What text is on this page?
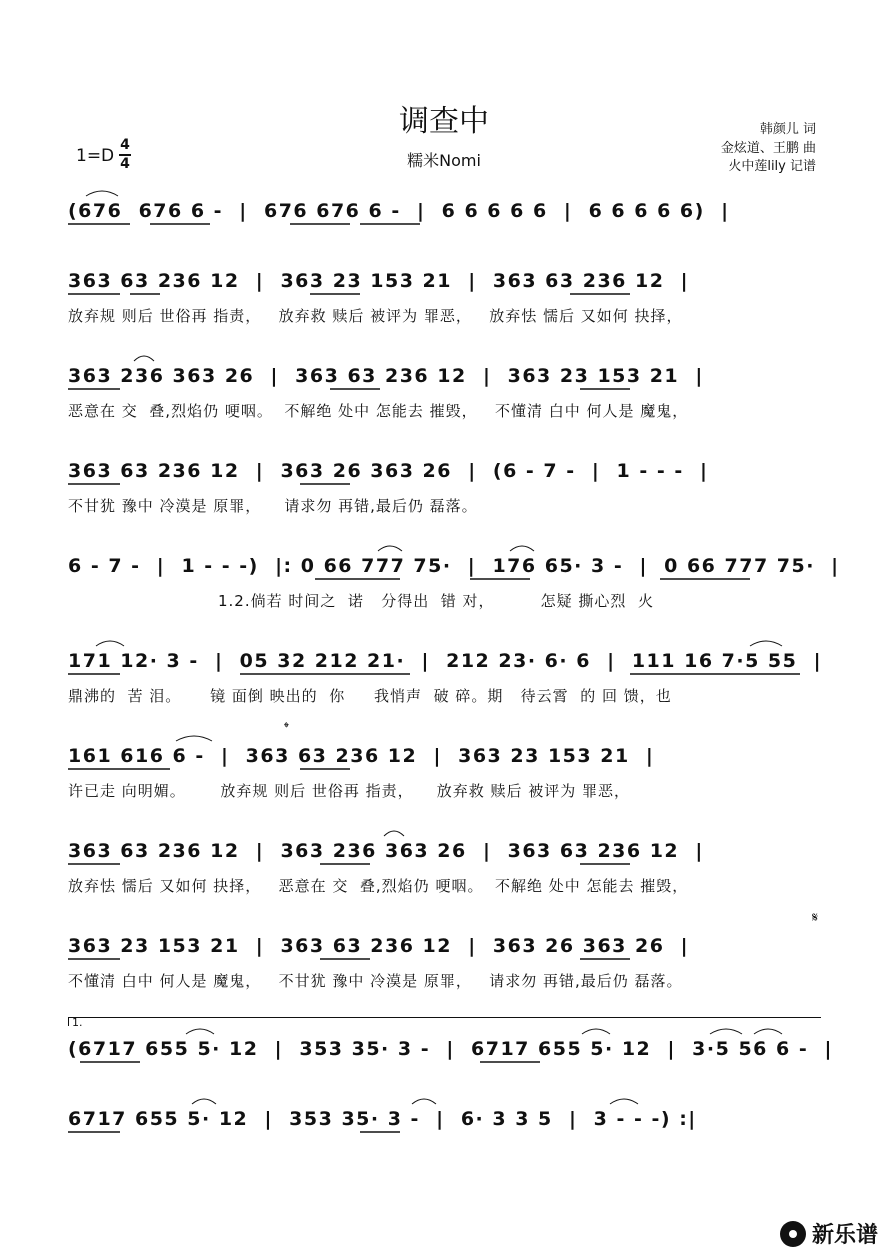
调查中
1=D
4
4	糯米Nomi
韩颜儿 词
金炫道、王鹏 曲
火中莲lily 记谱
(676  676 6 -  |  676 676 6 -  |  6 6 6 6 6  |  6 6 6 6 6)  |
363 63 236 12  |  363 23 153 21  |  363 63 236 12  |
放弃规 则后 世俗再 指责，   放弃救 赎后 被评为 罪恶，   放弃怯 懦后 又如何 抉择，
363 236 363 26  |  363 63 236 12  |  363 23 153 21  |
恶意在 交  叠,烈焰仍 哽咽。  不解绝 处中 怎能去 摧毁，   不懂清 白中 何人是 魔鬼，
363 63 236 12  |  363 26 363 26  |  (6 - 7 -  |  1 - - -  |
不甘犹 豫中 冷漠是 原罪，    请求勿 再错,最后仍 磊落。
6 - 7 -  |  1 - - -)  |: 0 66 777 75·  |  176 65· 3 -  |  0 66 777 75·  |
1.2.倘若 时间之  诺   分得出  错 对，        怎疑 撕心烈  火
171 12· 3 -  |  05 32 212 21·  |  212 23· 6· 6  |  111 16 7·5 55  |
鼎沸的  苦 泪。     镜 面倒 映出的  你     我悄声  破 碎。期   待云霄  的 回 馈，也
161 616 6 -  |  363 63 236 12  |  363 23 153 21  |
许已走 向明媚。      放弃规 则后 世俗再 指责，    放弃救 赎后 被评为 罪恶，
363 63 236 12  |  363 236 363 26  |  363 63 236 12  |
放弃怯 懦后 又如何 抉择，   恶意在 交  叠,烈焰仍 哽咽。  不解绝 处中 怎能去 摧毁，
363 23 153 21  |  363 63 236 12  |  363 26 363 26  |
不懂清 白中 何人是 魔鬼，   不甘犹 豫中 冷漠是 原罪，   请求勿 再错,最后仍 磊落。
(6717 655 5· 12  |  353 35· 3 -  |  6717 655 5· 12  |  3·5 56 6 -  |
6717 655 5· 12  |  353 35· 3 -  |  6· 3 3 5  |  3 - - -) :|
𝄌
𝄋
1.
新乐谱
